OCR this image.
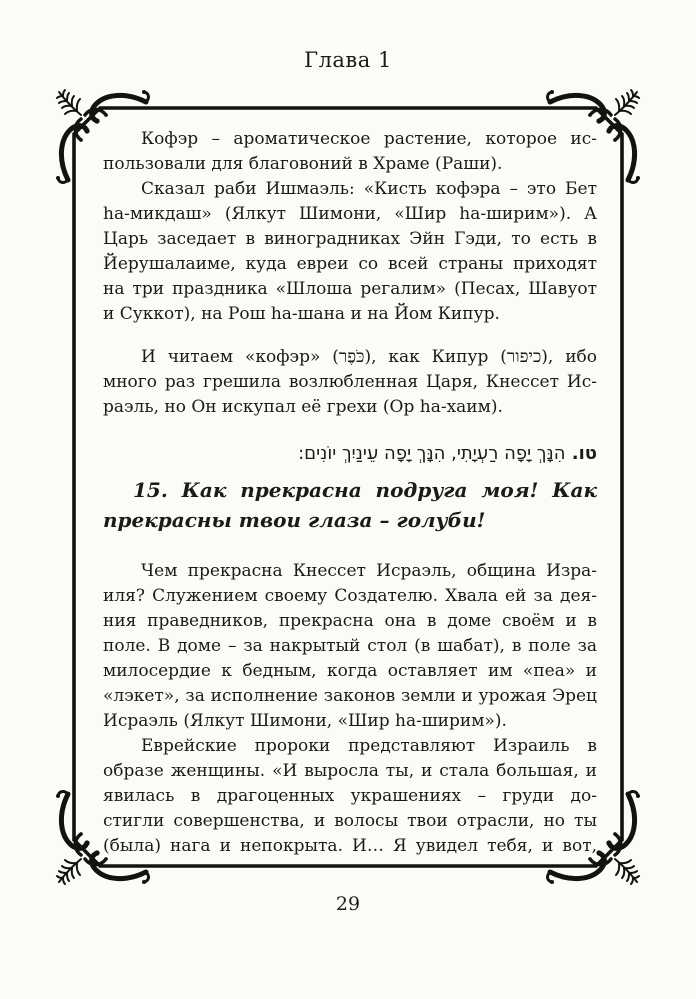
Глава 1
Кофэр – ароматическое растение, которое ис-
пользовали для благовоний в Храме (Раши).
Сказал раби Ишмаэль: «Кисть кофэра – это Бет
hа-микдаш» (Ялкут Шимони, «Шир hа-ширим»). А
Царь заседает в виноградниках Эйн Гэди, то есть в
Йерушалаиме, куда евреи со всей страны приходят
на три праздника «Шлоша регалим» (Песах, Шавуот
и Суккот), на Рош hа-шана и на Йом Кипур.
И читаем «кофэр» (כֹּפֶר), как Кипур (כיפור), ибо
много раз грешила возлюбленная Царя, Кнессет Ис-
раэль, но Он искупал её грехи (Ор hа-хаим).
טו. הִנָּךְ יָפָה רַעְיָתִי, הִנָּךְ יָפָה עֵינַיִךְ יוֹנִים:
15. Как прекрасна подруга моя! Как
прекрасны твои глаза – голуби!
Чем прекрасна Кнессет Исраэль, община Изра-
иля? Служением своему Создателю. Хвала ей за дея-
ния праведников, прекрасна она в доме своём и в
поле. В доме – за накрытый стол (в шабат), в поле за
милосердие к бедным, когда оставляет им «пеа» и
«лэкет», за исполнение законов земли и урожая Эрец
Исраэль (Ялкут Шимони, «Шир hа-ширим»).
Еврейские пророки представляют Израиль в
образе женщины. «И выросла ты, и стала большая, и
явилась в драгоценных украшениях – груди до-
стигли совершенства, и волосы твои отрасли, но ты
(была) нага и непокрыта. И… Я увидел тебя, и вот,
29
